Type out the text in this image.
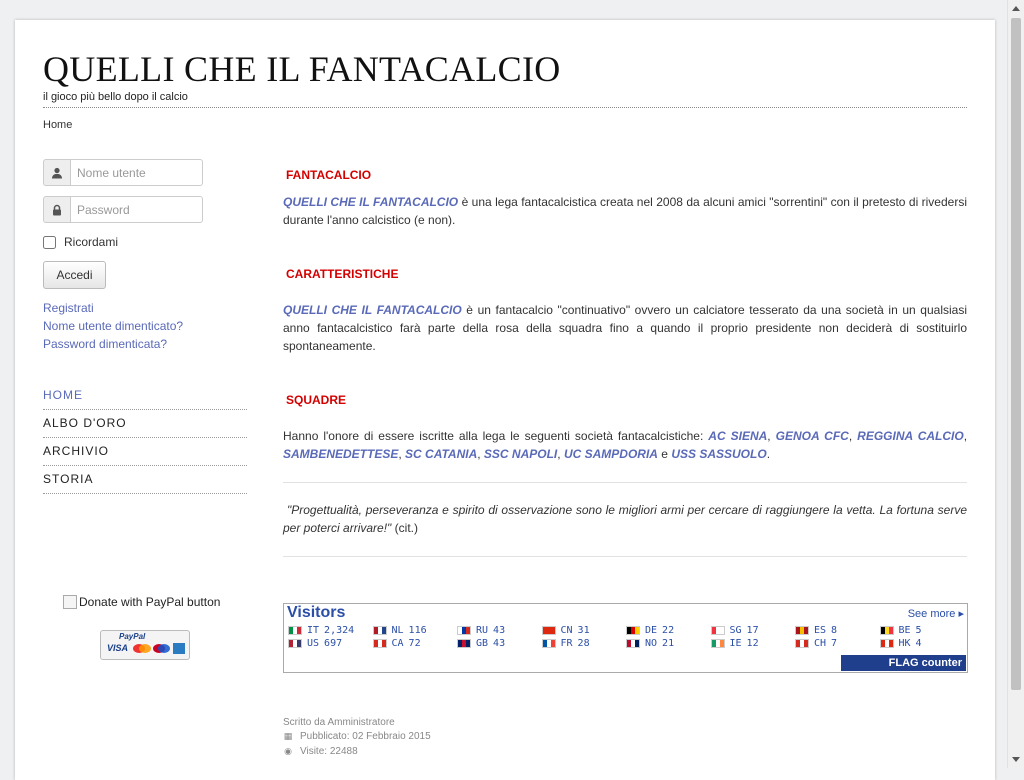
QUELLI CHE IL FANTACALCIO
il gioco più bello dopo il calcio
Home
Nome utente
Ricordami
Accedi
Registrati
Nome utente dimenticato?
Password dimenticata?
HOME
ALBO D'ORO
ARCHIVIO
STORIA
Donate with PayPal button
PayPal
VISA
FANTACALCIO

QUELLI CHE IL FANTACALCIO è una lega fantacalcistica creata nel 2008 da alcuni amici "sorrentini" con il pretesto di rivedersi durante l'anno calcistico (e non).

CARATTERISTICHE

QUELLI CHE IL FANTACALCIO è un fantacalcio "continuativo" ovvero un calciatore tesserato da una società in un qualsiasi anno fantacalcistico farà parte della rosa della squadra fino a quando il proprio presidente non deciderà di sostituirlo spontaneamente.

SQUADRE

Hanno l'onore di essere iscritte alla lega le seguenti società fantacalcistiche: AC SIENA, GENOA CFC, REGGINA CALCIO, SAMBENEDETTESE, SC CATANIA, SSC NAPOLI, UC SAMPDORIA e USS SASSUOLO.

"Progettualità, perseveranza e spirito di osservazione sono le migliori armi per cercare di raggiungere la vetta. La fortuna serve per poterci arrivare!" (cit.)

Visitors	See more ▸
IT 2,324	NL 116	RU 43	CN 31	DE 22	SG 17	ES 8	BE 5
US 697	CA 72	GB 43	FR 28	NO 21	IE 12	CH 7	HK 4
FLAG counter
Scritto da Amministratore
▦ Pubblicato: 02 Febbraio 2015
◉ Visite: 22488
